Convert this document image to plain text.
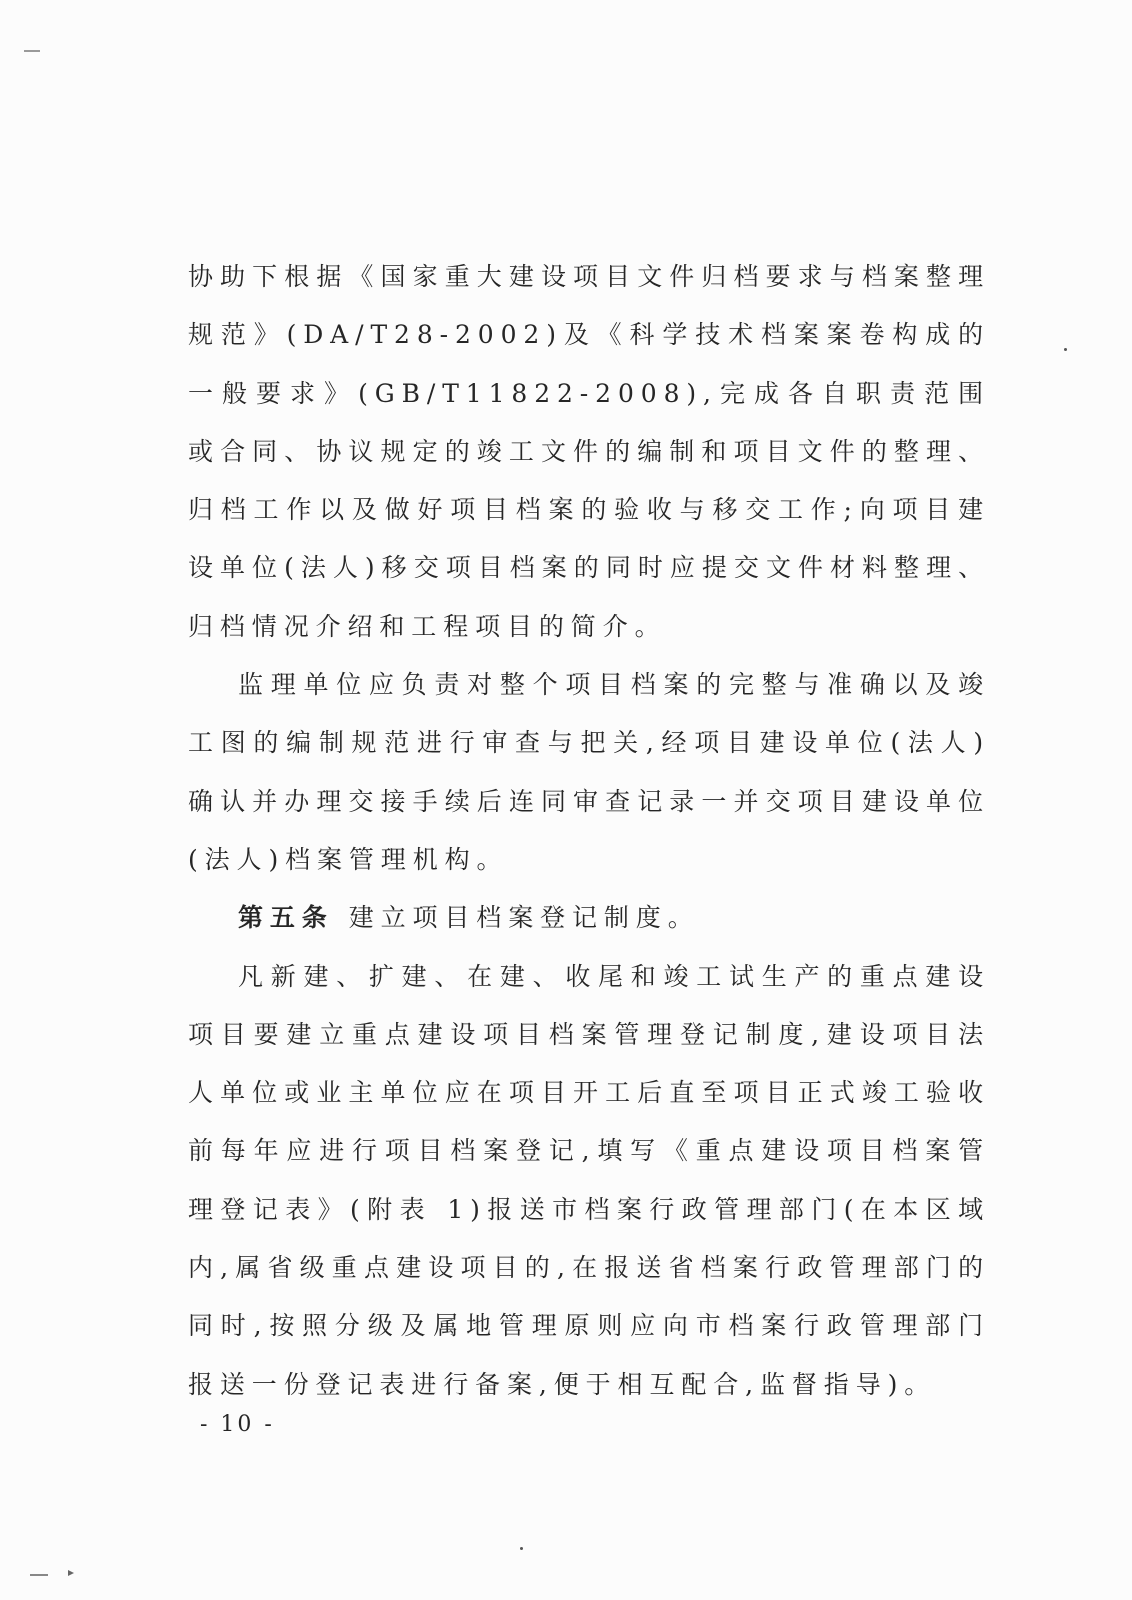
协助下根据《国家重大建设项目文件归档要求与档案整理规范》(DA/T28-2002)及《科学技术档案案卷构成的一般要求》(GB/T11822-2008),完成各自职责范围或合同、协议规定的竣工文件的编制和项目文件的整理、归档工作以及做好项目档案的验收与移交工作;向项目建设单位(法人)移交项目档案的同时应提交文件材料整理、归档情况介绍和工程项目的简介。

监理单位应负责对整个项目档案的完整与准确以及竣工图的编制规范进行审查与把关,经项目建设单位(法人)确认并办理交接手续后连同审查记录一并交项目建设单位(法人)档案管理机构。

第五条 建立项目档案登记制度。

凡新建、扩建、在建、收尾和竣工试生产的重点建设项目要建立重点建设项目档案管理登记制度,建设项目法人单位或业主单位应在项目开工后直至项目正式竣工验收前每年应进行项目档案登记,填写《重点建设项目档案管理登记表》(附表 1)报送市档案行政管理部门(在本区域内,属省级重点建设项目的,在报送省档案行政管理部门的同时,按照分级及属地管理原则应向市档案行政管理部门报送一份登记表进行备案,便于相互配合,监督指导)。

- 10 -
